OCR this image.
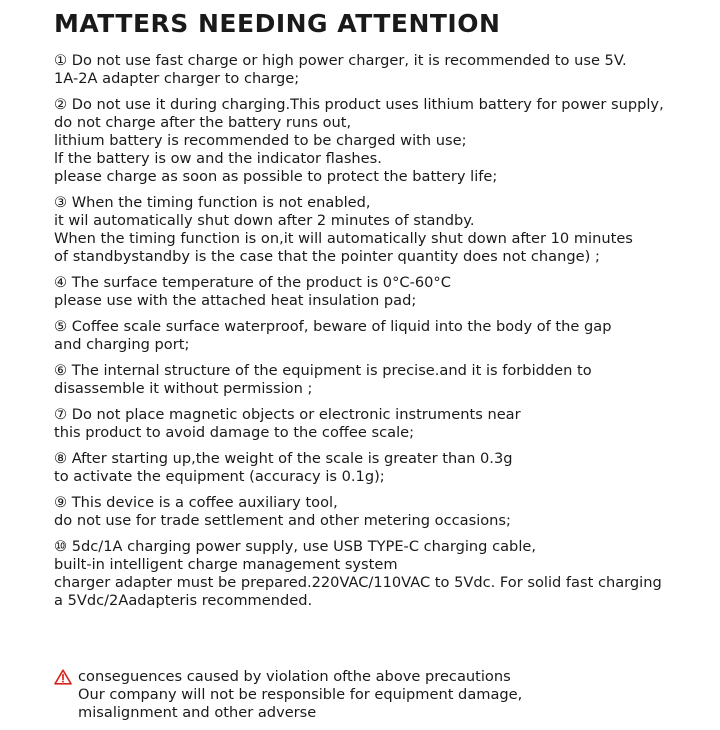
MATTERS NEEDING ATTENTION
① Do not use fast charge or high power charger, it is recommended to use 5V.
1A-2A adapter charger to charge;
② Do not use it during charging.This product uses lithium battery for power supply,
do not charge after the battery runs out,
lithium battery is recommended to be charged with use;
lf the battery is ow and the indicator flashes.
please charge as soon as possible to protect the battery life;
③ When the timing function is not enabled,
it wil automatically shut down after 2 minutes of standby.
When the timing function is on,it will automatically shut down after 10 minutes
of standbystandby is the case that the pointer quantity does not change) ;
④ The surface temperature of the product is 0°C-60°C
please use with the attached heat insulation pad;
⑤ Coffee scale surface waterproof, beware of liquid into the body of the gap
and charging port;
⑥ The internal structure of the equipment is precise.and it is forbidden to
disassemble it without permission ;
⑦ Do not place magnetic objects or electronic instruments near
this product to avoid damage to the coffee scale;
⑧ After starting up,the weight of the scale is greater than 0.3g
to activate the equipment (accuracy is 0.1g);
⑨ This device is a coffee auxiliary tool,
do not use for trade settlement and other metering occasions;
⑩ 5dc/1A charging power supply, use USB TYPE-C charging cable,
built-in intelligent charge management system
charger adapter must be prepared.220VAC/110VAC to 5Vdc. For solid fast charging
a 5Vdc/2Aadapteris recommended.
conseguences caused by violation ofthe above precautions
Our company will not be responsible for equipment damage,
misalignment and other adverse
